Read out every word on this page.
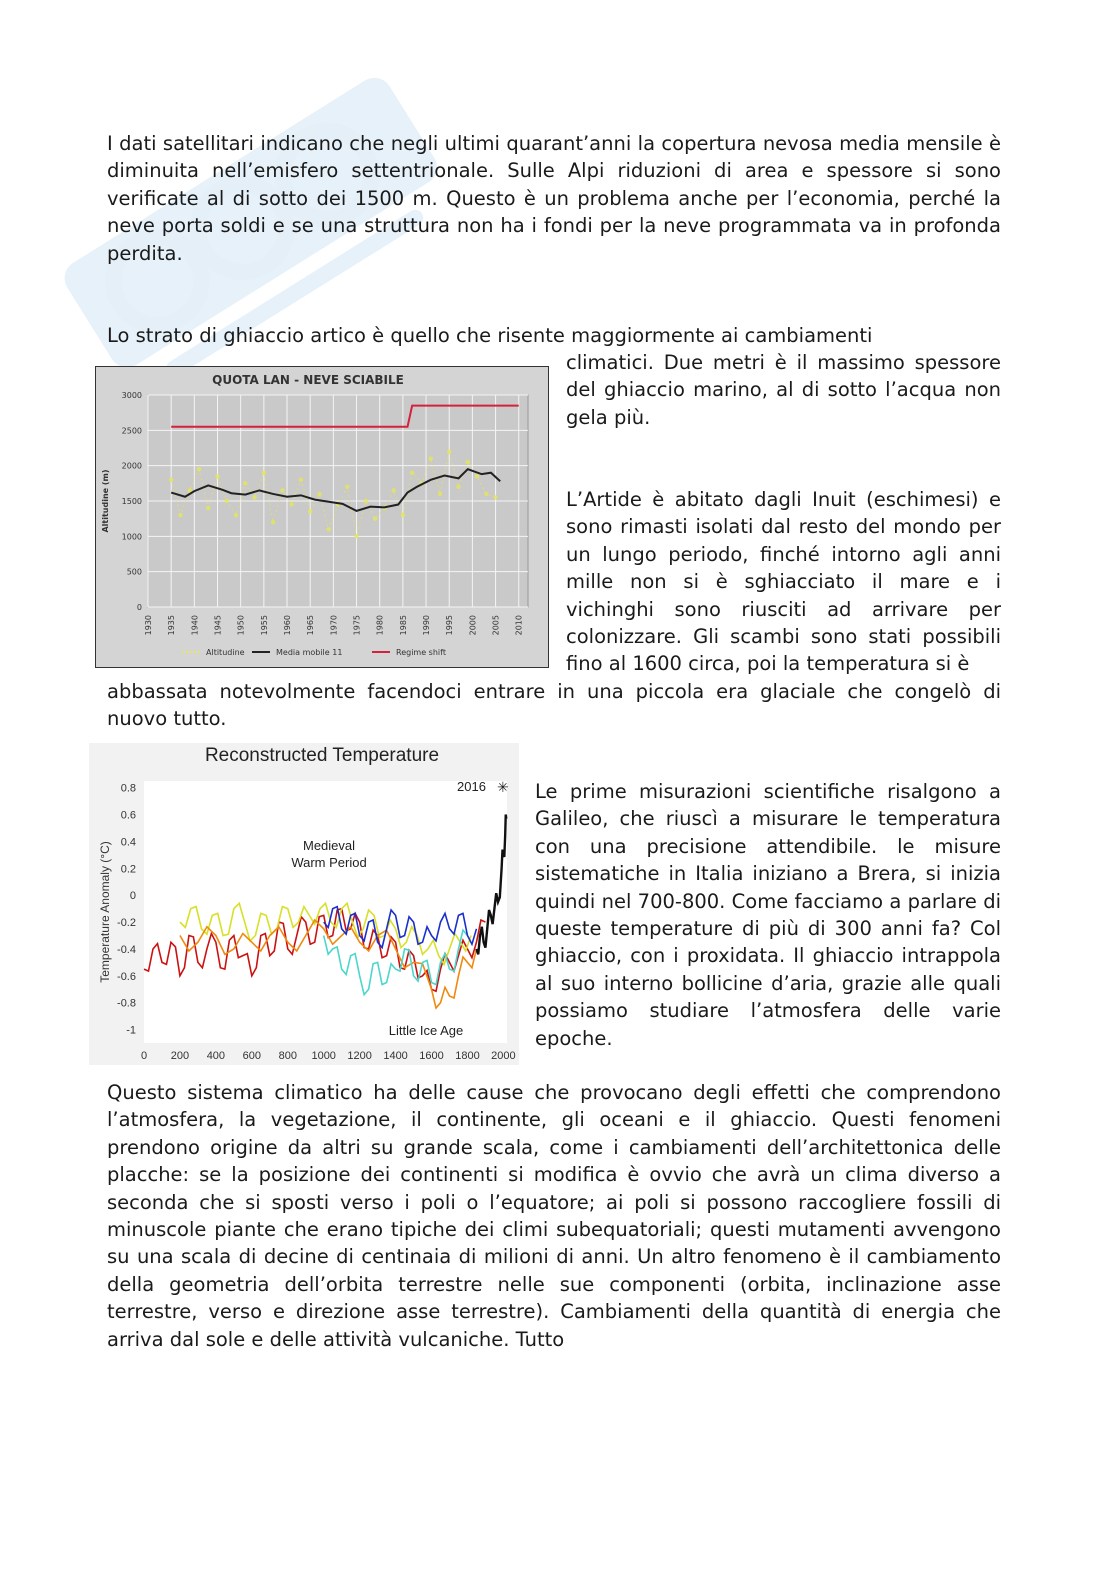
I dati satellitari indicano che negli ultimi quarant’anni la copertura nevosa media mensile è diminuita nell’emisfero settentrionale. Sulle Alpi riduzioni di area e spessore si sono verificate al di sotto dei 1500 m. Questo è un problema anche per l’economia, perché la neve porta soldi e se una struttura non ha i fondi per la neve programmata va in profonda perdita.

Lo strato di ghiaccio artico è quello che risente maggiormente ai cambiamenti

climatici. Due metri è il massimo spessore del ghiaccio marino, al di sotto l’acqua non gela più.

L’Artide è abitato dagli Inuit (eschimesi) e sono rimasti isolati dal resto del mondo per un lungo periodo, finché intorno agli anni mille non si è sghiacciato il mare e i vichinghi sono riusciti ad arrivare per colonizzare. Gli scambi sono stati possibili fino al 1600 circa, poi la temperatura si è

abbassata notevolmente facendoci entrare in una piccola era glaciale che congelò di nuovo tutto.

Le prime misurazioni scientifiche risalgono a Galileo, che riuscì a misurare le temperatura con una precisione attendibile. le misure sistematiche in Italia iniziano a Brera, si inizia quindi nel 700-800. Come facciamo a parlare di queste temperature di più di 300 anni fa? Col ghiaccio, con i proxidata. Il ghiaccio intrappola al suo interno bollicine d’aria, grazie alle quali possiamo studiare l’atmosfera delle varie epoche.

Questo sistema climatico ha delle cause che provocano degli effetti che comprendono l’atmosfera, la vegetazione, il continente, gli oceani e il ghiaccio. Questi fenomeni prendono origine da altri su grande scala, come i cambiamenti dell’architettonica delle placche: se la posizione dei continenti si modifica è ovvio che avrà un clima diverso a seconda che si sposti verso i poli o l’equatore; ai poli si possono raccogliere fossili di minuscole piante che erano tipiche dei climi subequatoriali; questi mutamenti avvengono su una scala di decine di centinaia di milioni di anni. Un altro fenomeno è il cambiamento della geometria dell’orbita terrestre nelle sue componenti (orbita, inclinazione asse terrestre, verso e direzione asse terrestre). Cambiamenti della quantità di energia che arriva dal sole e delle attività vulcaniche. Tutto

QUOTA LAN - NEVE SCIABILE
0
500
1000
1500
2000
2500
3000
1930 1935 1940 1945 1950 1955 1960 1965 1970 1975 1980 1985 1990 1995 2000 2005 2010
Altitudine (m)
Altitudine	Media mobile 11	Regime shift
Reconstructed Temperature
0.8
0.6
0.4
0.2
0
-0.2
-0.4
-0.6
-0.8
-1
0 200 400 600 800 1000 1200 1400 1600 1800 2000
Temperature Anomaly (°C)
2016 ✳
Medieval
Warm Period
Little Ice Age
